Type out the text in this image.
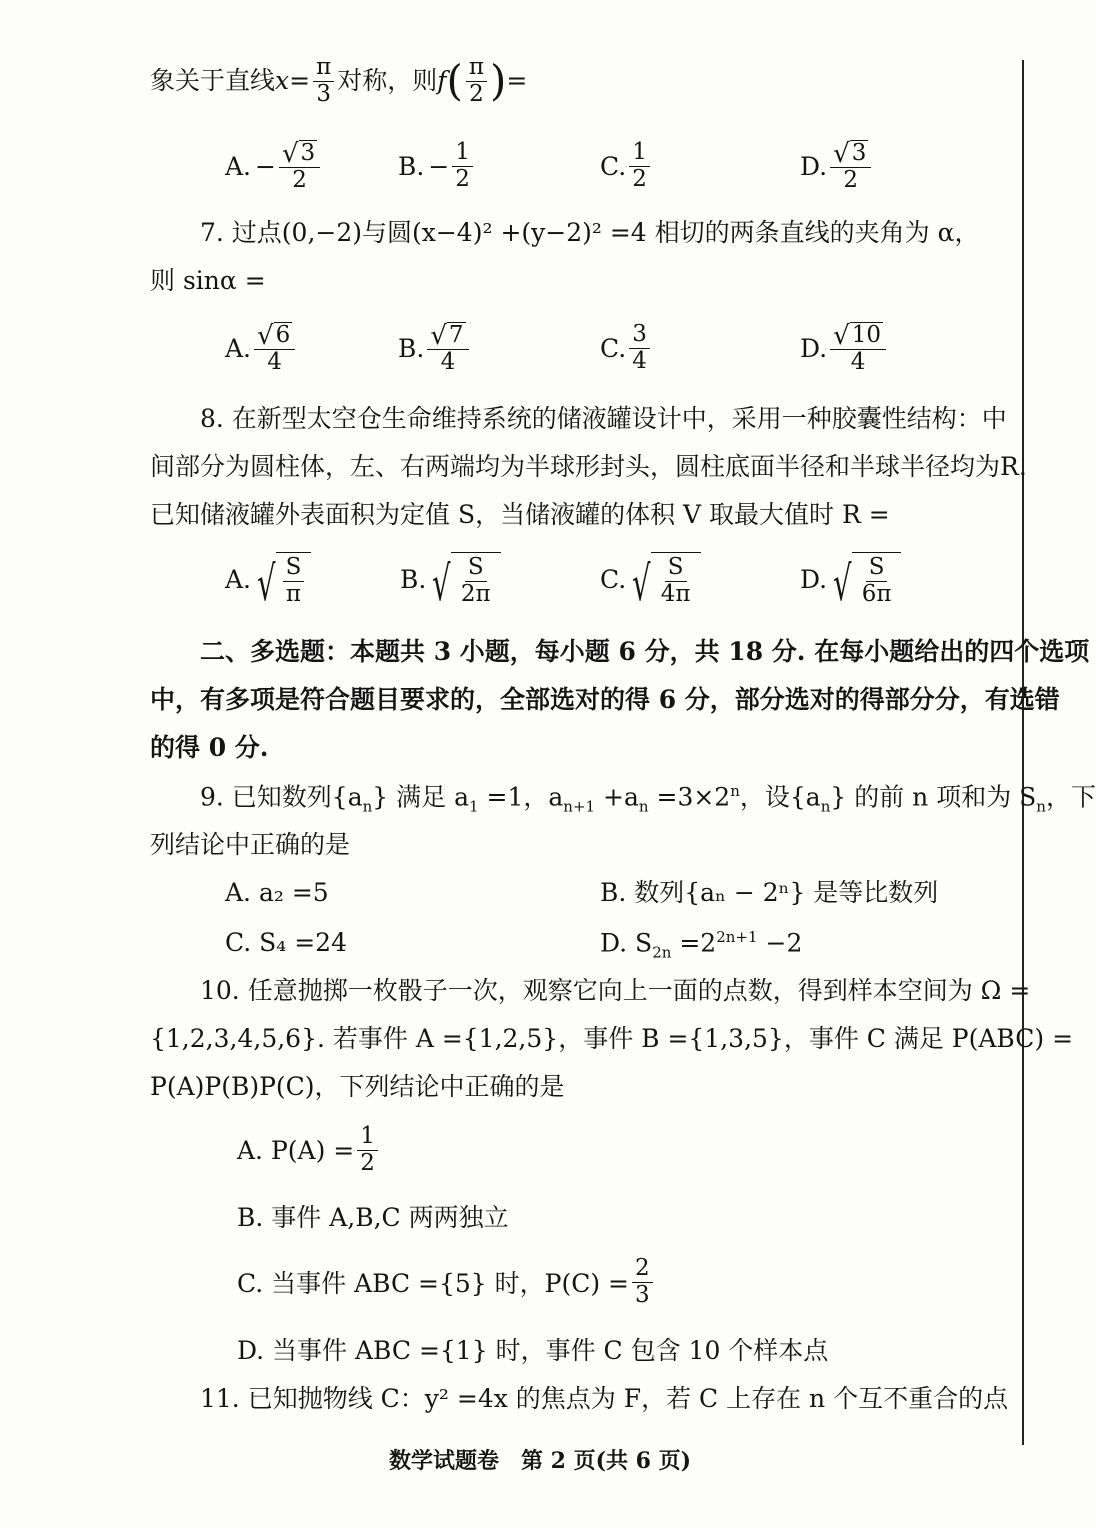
象关于直线 $x = \frac{\pi}{3}$ 对称，则 f ( $\frac{\pi}{2}$ ) =
A. − $\frac{√ 3}{2}$	B. − $\frac{1}{2}$	C. $\frac{1}{2}$	D. $\frac{√ 3}{2}$
7. 过点(0,−2)与圆(x−4)² +(y−2)² =4 相切的两条直线的夹角为 α，
则 sinα =
A. $\frac{√ 6}{4}$	B. $\frac{√ 7}{4}$	C. $\frac{3}{4}$	D. $\frac{√ 10}{4}$
8. 在新型太空仓生命维持系统的储液罐设计中，采用一种胶囊性结构：中
间部分为圆柱体，左、右两端均为半球形封头，圆柱底面半径和半球半径均为R.
已知储液罐外表面积为定值 S，当储液罐的体积 V 取最大值时 R =
A. √ $\frac{S}{\pi}$	B. √ $\frac{S}{2\pi}$	C. √ $\frac{S}{4\pi}$	D. √ $\frac{S}{6\pi}$
二、多选题：本题共 3 小题，每小题 6 分，共 18 分. 在每小题给出的四个选项
中，有多项是符合题目要求的，全部选对的得 6 分，部分选对的得部分分，有选错
的得 0 分.
9. 已知数列$\{a_n\}$ 满足 $a_1 =1$，$a_{n+1} +a_n =3\times 2^n$，设$\{a_n\}$ 的前 n 项和为 $S_n$，下
列结论中正确的是
A. a₂ =5	B. 数列{aₙ − 2ⁿ} 是等比数列
C. S₄ =24	D. $S_{2n} =2^{2n+1} -2$
10. 任意抛掷一枚骰子一次，观察它向上一面的点数，得到样本空间为 Ω =
{1,2,3,4,5,6}. 若事件 A ={1,2,5}，事件 B ={1,3,5}，事件 C 满足 P(ABC) =
P(A)P(B)P(C)，下列结论中正确的是
A. $P(A) = \frac{1}{2}$
B. 事件 A,B,C 两两独立
C. 当事件 ABC ={5} 时，$P(C) = \frac{2}{3}$
D. 当事件 ABC ={1} 时，事件 C 包含 10 个样本点
11. 已知抛物线 C：y² =4x 的焦点为 F，若 C 上存在 n 个互不重合的点
数学试题卷　第 2 页(共 6 页)
